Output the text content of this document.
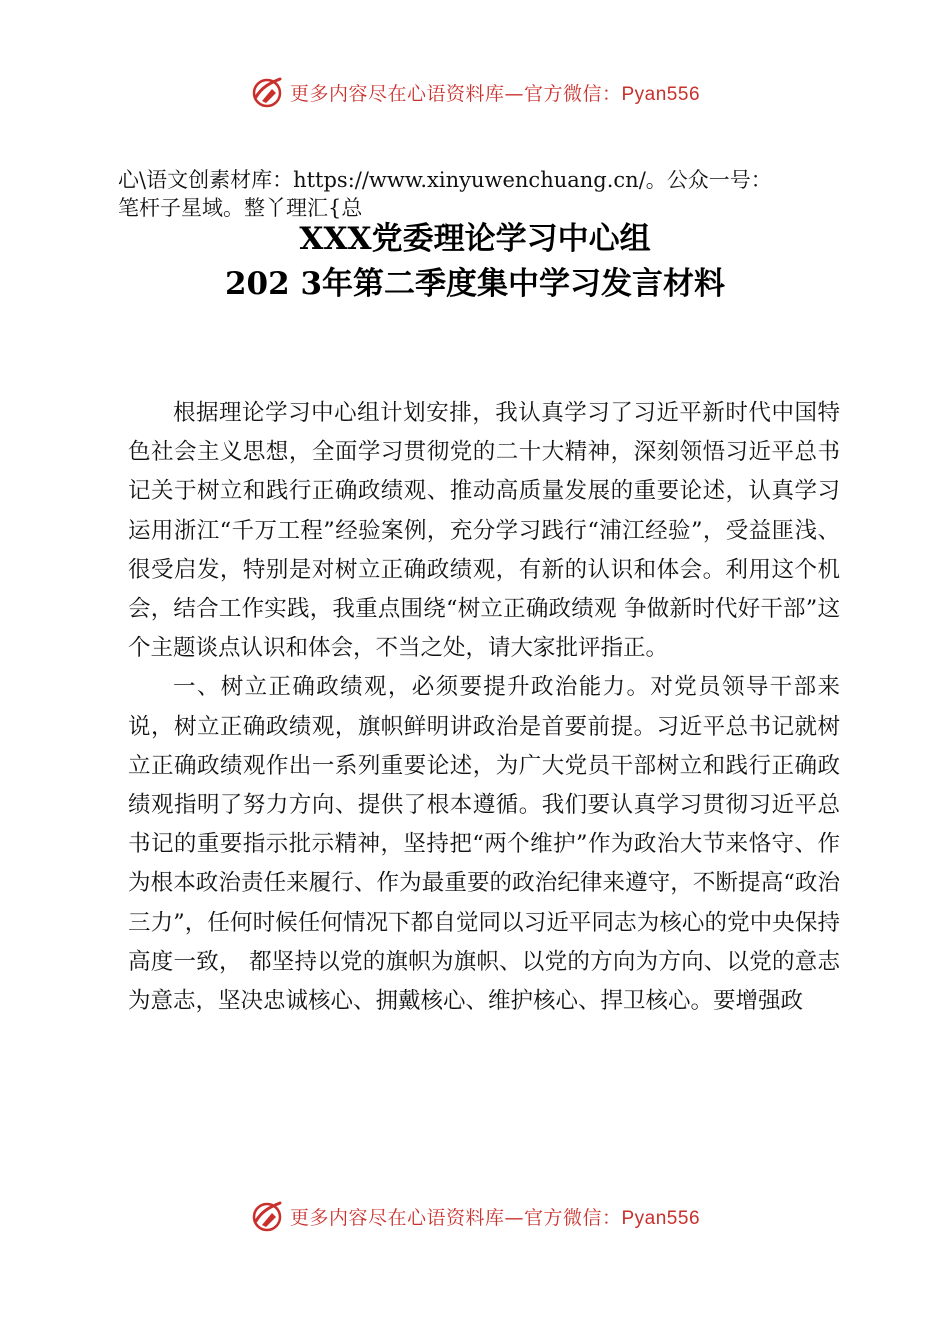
更多内容尽在心语资料库—官方微信：Pyan556
心\语文创素材库：https://www.xinyuwenchuang.cn/。公众一号：
笔杆子星域。整丫理汇{总
XXX党委理论学习中心组
202 3年第二季度集中学习发言材料

根据理论学习中心组计划安排，我认真学习了习近平新时代中国特色社会主义思想，全面学习贯彻党的二十大精神，深刻领悟习近平总书记关于树立和践行正确政绩观、推动高质量发展的重要论述，认真学习运用浙江“千万工程”经验案例，充分学习践行“浦江经验”，受益匪浅、很受启发，特别是对树立正确政绩观，有新的认识和体会。利用这个机会，结合工作实践，我重点围绕“树立正确政绩观 争做新时代好干部”这个主题谈点认识和体会，不当之处，请大家批评指正。

一、树立正确政绩观，必须要提升政治能力。对党员领导干部来说，树立正确政绩观，旗帜鲜明讲政治是首要前提。习近平总书记就树立正确政绩观作出一系列重要论述，为广大党员干部树立和践行正确政绩观指明了努力方向、提供了根本遵循。我们要认真学习贯彻习近平总书记的重要指示批示精神，坚持把“两个维护”作为政治大节来恪守、作为根本政治责任来履行、作为最重要的政治纪律来遵守，不断提高“政治三力”，任何时候任何情况下都自觉同以习近平同志为核心的党中央保持高度一致， 都坚持以党的旗帜为旗帜、以党的方向为方向、以党的意志为意志，坚决忠诚核心、拥戴核心、维护核心、捍卫核心。要增强政

更多内容尽在心语资料库—官方微信：Pyan556
